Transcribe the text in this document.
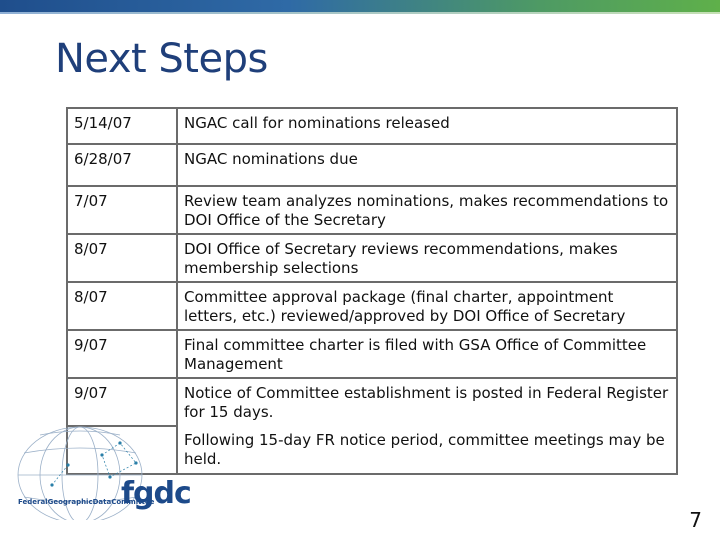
Next Steps
5/14/07	NGAC call for nominations released
6/28/07	NGAC nominations due
7/07	Review team analyzes nominations, makes recommendations to DOI Office of the Secretary
8/07	DOI Office of Secretary reviews recommendations, makes membership selections
8/07	Committee approval package (final charter, appointment letters, etc.) reviewed/approved by DOI Office of Secretary
9/07	Final committee charter is filed with GSA Office of Committee Management
9/07	Notice of Committee establishment is posted in Federal Register for 15 days.
	Following 15-day FR notice period, committee meetings may be held.
fgdc
FederalGeographicDataCommittee
7
